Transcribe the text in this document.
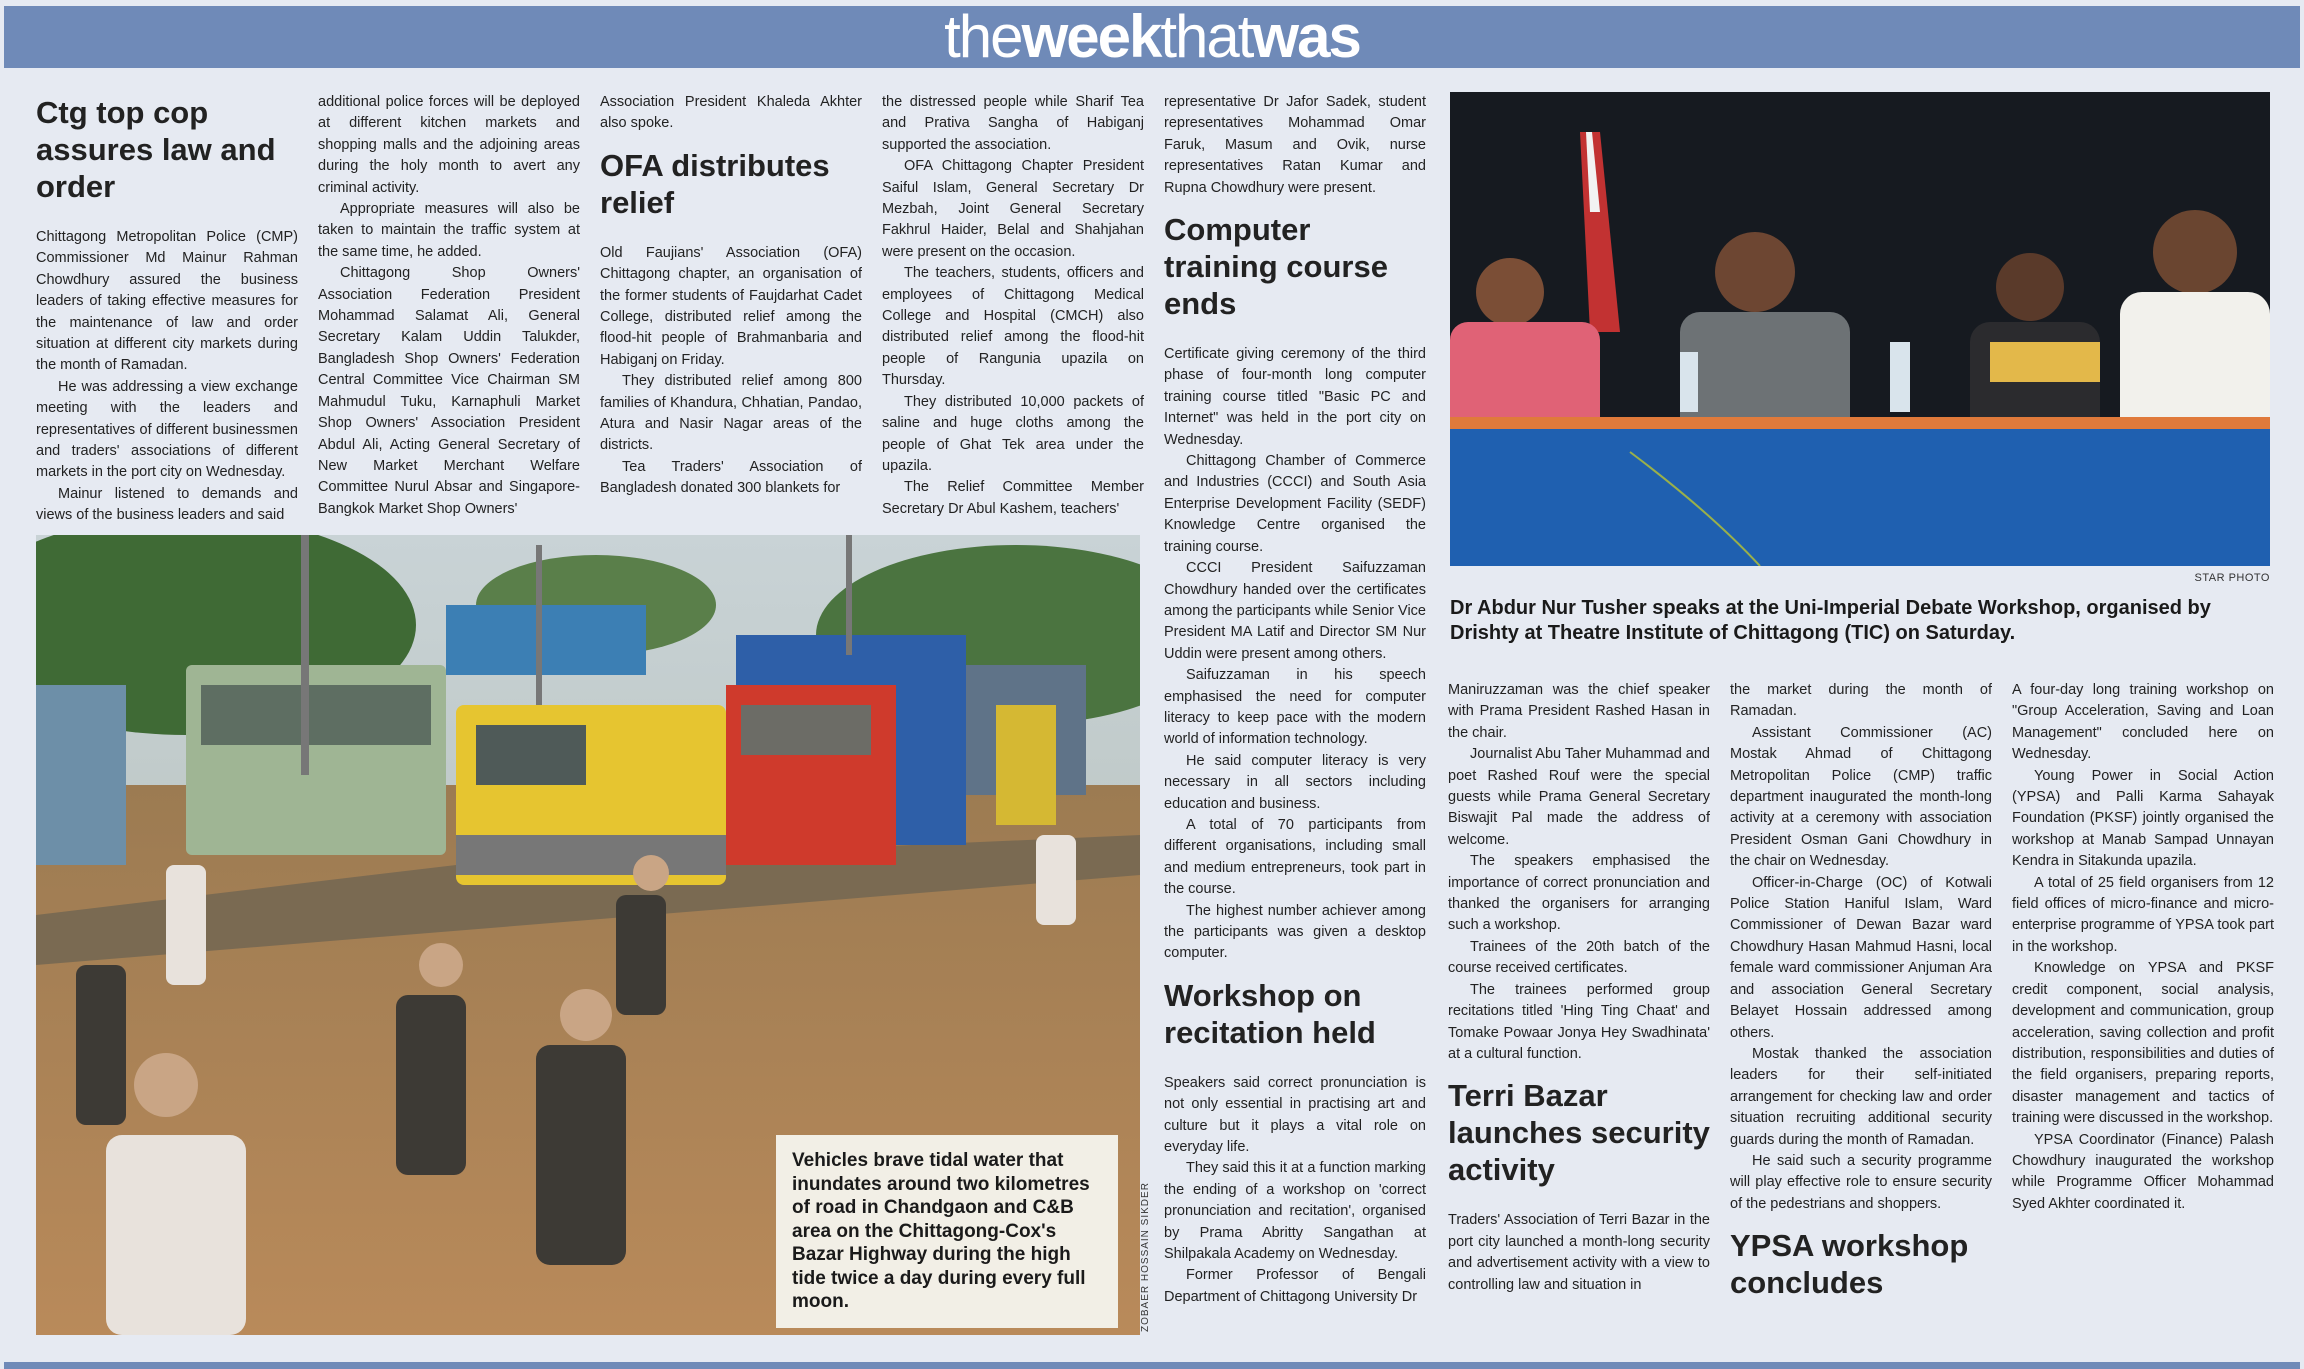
theweekthatwas
Ctg top cop assures law and order

Chittagong Metropolitan Police (CMP) Commissioner Md Mainur Rahman Chowdhury assured the business leaders of taking effective measures for the maintenance of law and order situation at different city markets during the month of Ramadan.

He was addressing a view exchange meeting with the leaders and representatives of different businessmen and traders' associations of different markets in the port city on Wednesday.

Mainur listened to demands and views of the business leaders and said

additional police forces will be deployed at different kitchen markets and shopping malls and the adjoining areas during the holy month to avert any criminal activity.

Appropriate measures will also be taken to maintain the traffic system at the same time, he added.

Chittagong Shop Owners' Association Federation President Mohammad Salamat Ali, General Secretary Kalam Uddin Talukder, Bangladesh Shop Owners' Federation Central Committee Vice Chairman SM Mahmudul Tuku, Karnaphuli Market Shop Owners' Association President Abdul Ali, Acting General Secretary of New Market Merchant Welfare Committee Nurul Absar and Singapore-Bangkok Market Shop Owners'

Association President Khaleda Akhter also spoke.

OFA distributes relief

Old Faujians' Association (OFA) Chittagong chapter, an organisation of the former students of Faujdarhat Cadet College, distributed relief among the flood-hit people of Brahmanbaria and Habiganj on Friday.

They distributed relief among 800 families of Khandura, Chhatian, Pandao, Atura and Nasir Nagar areas of the districts.

Tea Traders' Association of Bangladesh donated 300 blankets for

the distressed people while Sharif Tea and Prativa Sangha of Habiganj supported the association.

OFA Chittagong Chapter President Saiful Islam, General Secretary Dr Mezbah, Joint General Secretary Fakhrul Haider, Belal and Shahjahan were present on the occasion.

The teachers, students, officers and employees of Chittagong Medical College and Hospital (CMCH) also distributed relief among the flood-hit people of Rangunia upazila on Thursday.

They distributed 10,000 packets of saline and huge cloths among the people of Ghat Tek area under the upazila.

The Relief Committee Member Secretary Dr Abul Kashem, teachers'

representative Dr Jafor Sadek, student representatives Mohammad Omar Faruk, Masum and Ovik, nurse representatives Ratan Kumar and Rupna Chowdhury were present.

Computer training course ends

Certificate giving ceremony of the third phase of four-month long computer training course titled "Basic PC and Internet" was held in the port city on Wednesday.

Chittagong Chamber of Commerce and Industries (CCCI) and South Asia Enterprise Development Facility (SEDF) Knowledge Centre organised the training course.

CCCI President Saifuzzaman Chowdhury handed over the certificates among the participants while Senior Vice President MA Latif and Director SM Nur Uddin were present among others.

Saifuzzaman in his speech emphasised the need for computer literacy to keep pace with the modern world of information technology.

He said computer literacy is very necessary in all sectors including education and business.

A total of 70 participants from different organisations, including small and medium entrepreneurs, took part in the course.

The highest number achiever among the participants was given a desktop computer.

Workshop on recitation held

Speakers said correct pronunciation is not only essential in practising art and culture but it plays a vital role on everyday life.

They said this it at a function marking the ending of a workshop on 'correct pronunciation and recitation', organised by Prama Abritty Sangathan at Shilpakala Academy on Wednesday.

Former Professor of Bengali Department of Chittagong University Dr

Maniruzzaman was the chief speaker with Prama President Rashed Hasan in the chair.

Journalist Abu Taher Muhammad and poet Rashed Rouf were the special guests while Prama General Secretary Biswajit Pal made the address of welcome.

The speakers emphasised the importance of correct pronunciation and thanked the organisers for arranging such a workshop.

Trainees of the 20th batch of the course received certificates.

The trainees performed group recitations titled 'Hing Ting Chaat' and Tomake Powaar Jonya Hey Swadhinata' at a cultural function.

Terri Bazar launches security activity

Traders' Association of Terri Bazar in the port city launched a month-long security and advertisement activity with a view to controlling law and situation in

the market during the month of Ramadan.

Assistant Commissioner (AC) Mostak Ahmad of Chittagong Metropolitan Police (CMP) traffic department inaugurated the month-long activity at a ceremony with association President Osman Gani Chowdhury in the chair on Wednesday.

Officer-in-Charge (OC) of Kotwali Police Station Haniful Islam, Ward Commissioner of Dewan Bazar ward Chowdhury Hasan Mahmud Hasni, local female ward commissioner Anjuman Ara and association General Secretary Belayet Hossain addressed among others.

Mostak thanked the association leaders for their self-initiated arrangement for checking law and order situation recruiting additional security guards during the month of Ramadan.

He said such a security programme will play effective role to ensure security of the pedestrians and shoppers.

YPSA workshop concludes

A four-day long training workshop on "Group Acceleration, Saving and Loan Management" concluded here on Wednesday.

Young Power in Social Action (YPSA) and Palli Karma Sahayak Foundation (PKSF) jointly organised the workshop at Manab Sampad Unnayan Kendra in Sitakunda upazila.

A total of 25 field organisers from 12 field offices of micro-finance and micro-enterprise programme of YPSA took part in the workshop.

Knowledge on YPSA and PKSF credit component, social analysis, development and communication, group acceleration, saving collection and profit distribution, responsibilities and duties of the field organisers, preparing reports, disaster management and tactics of training were discussed in the workshop.

YPSA Coordinator (Finance) Palash Chowdhury inaugurated the workshop while Programme Officer Mohammad Syed Akhter coordinated it.

Vehicles brave tidal water that inundates around two kilometres of road in Chandgaon and C&B area on the Chittagong-Cox's Bazar Highway during the high tide twice a day during every full moon.	ZOBAER HOSSAIN SIKDER
STAR PHOTO
Dr Abdur Nur Tusher speaks at the Uni-Imperial Debate Workshop, organised by Drishty at Theatre Institute of Chittagong (TIC) on Saturday.
